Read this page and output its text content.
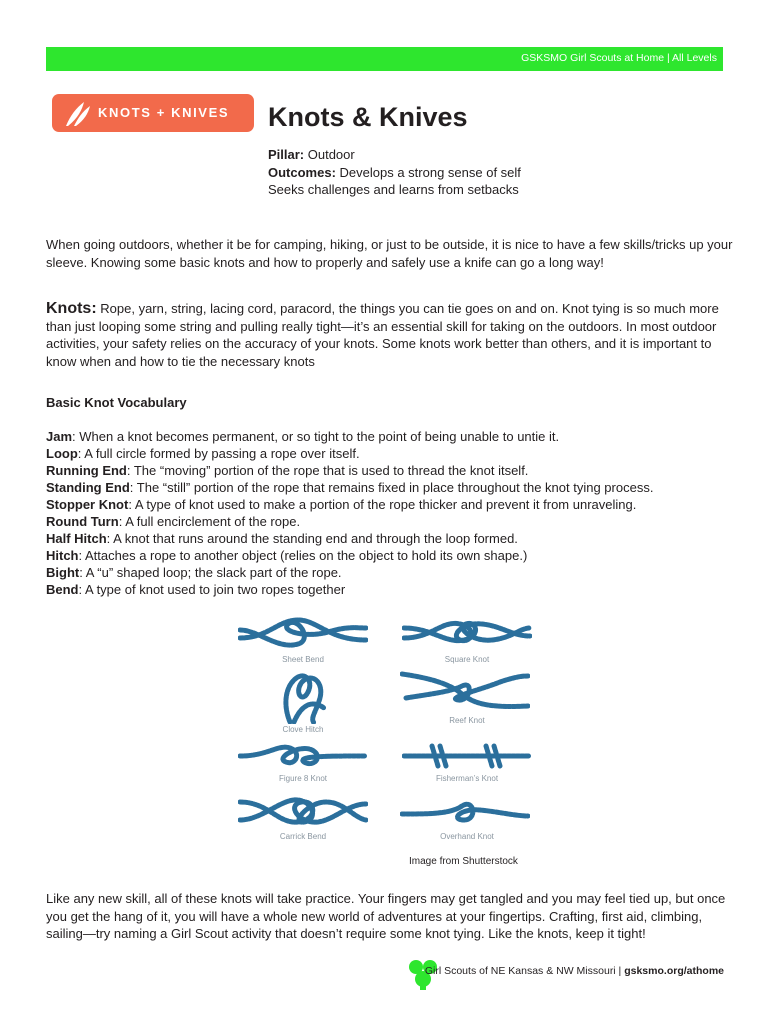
GSKSMO Girl Scouts at Home | All Levels
KNOTS + KNIVES Knots & Knives
Pillar: Outdoor
Outcomes: Develops a strong sense of self
Seeks challenges and learns from setbacks

When going outdoors, whether it be for camping, hiking, or just to be outside, it is nice to have a few skills/tricks up your sleeve. Knowing some basic knots and how to properly and safely use a knife can go a long way!

Knots: Rope, yarn, string, lacing cord, paracord, the things you can tie goes on and on. Knot tying is so much more than just looping some string and pulling really tight—it’s an essential skill for taking on the outdoors. In most outdoor activities, your safety relies on the accuracy of your knots. Some knots work better than others, and it is important to know when and how to tie the necessary knots

Basic Knot Vocabulary
Jam: When a knot becomes permanent, or so tight to the point of being unable to untie it.
Loop: A full circle formed by passing a rope over itself.
Running End: The “moving” portion of the rope that is used to thread the knot itself.
Standing End: The “still” portion of the rope that remains fixed in place throughout the knot tying process.
Stopper Knot: A type of knot used to make a portion of the rope thicker and prevent it from unraveling.
Round Turn: A full encirclement of the rope.
Half Hitch: A knot that runs around the standing end and through the loop formed.
Hitch: Attaches a rope to another object (relies on the object to hold its own shape.)
Bight: A “u” shaped loop; the slack part of the rope.
Bend: A type of knot used to join two ropes together
Sheet Bend	Square Knot
Clove Hitch
Reef Knot
Figure 8 Knot	Fisherman’s Knot
Carrick Bend	Overhand Knot
Image from Shutterstock

Like any new skill, all of these knots will take practice. Your fingers may get tangled and you may feel tied up, but once you get the hang of it, you will have a whole new world of adventures at your fingertips. Crafting, first aid, climbing, sailing—try naming a Girl Scout activity that doesn’t require some knot tying. Like the knots, keep it tight!

Girl Scouts of NE Kansas & NW Missouri | gsksmo.org/athome
